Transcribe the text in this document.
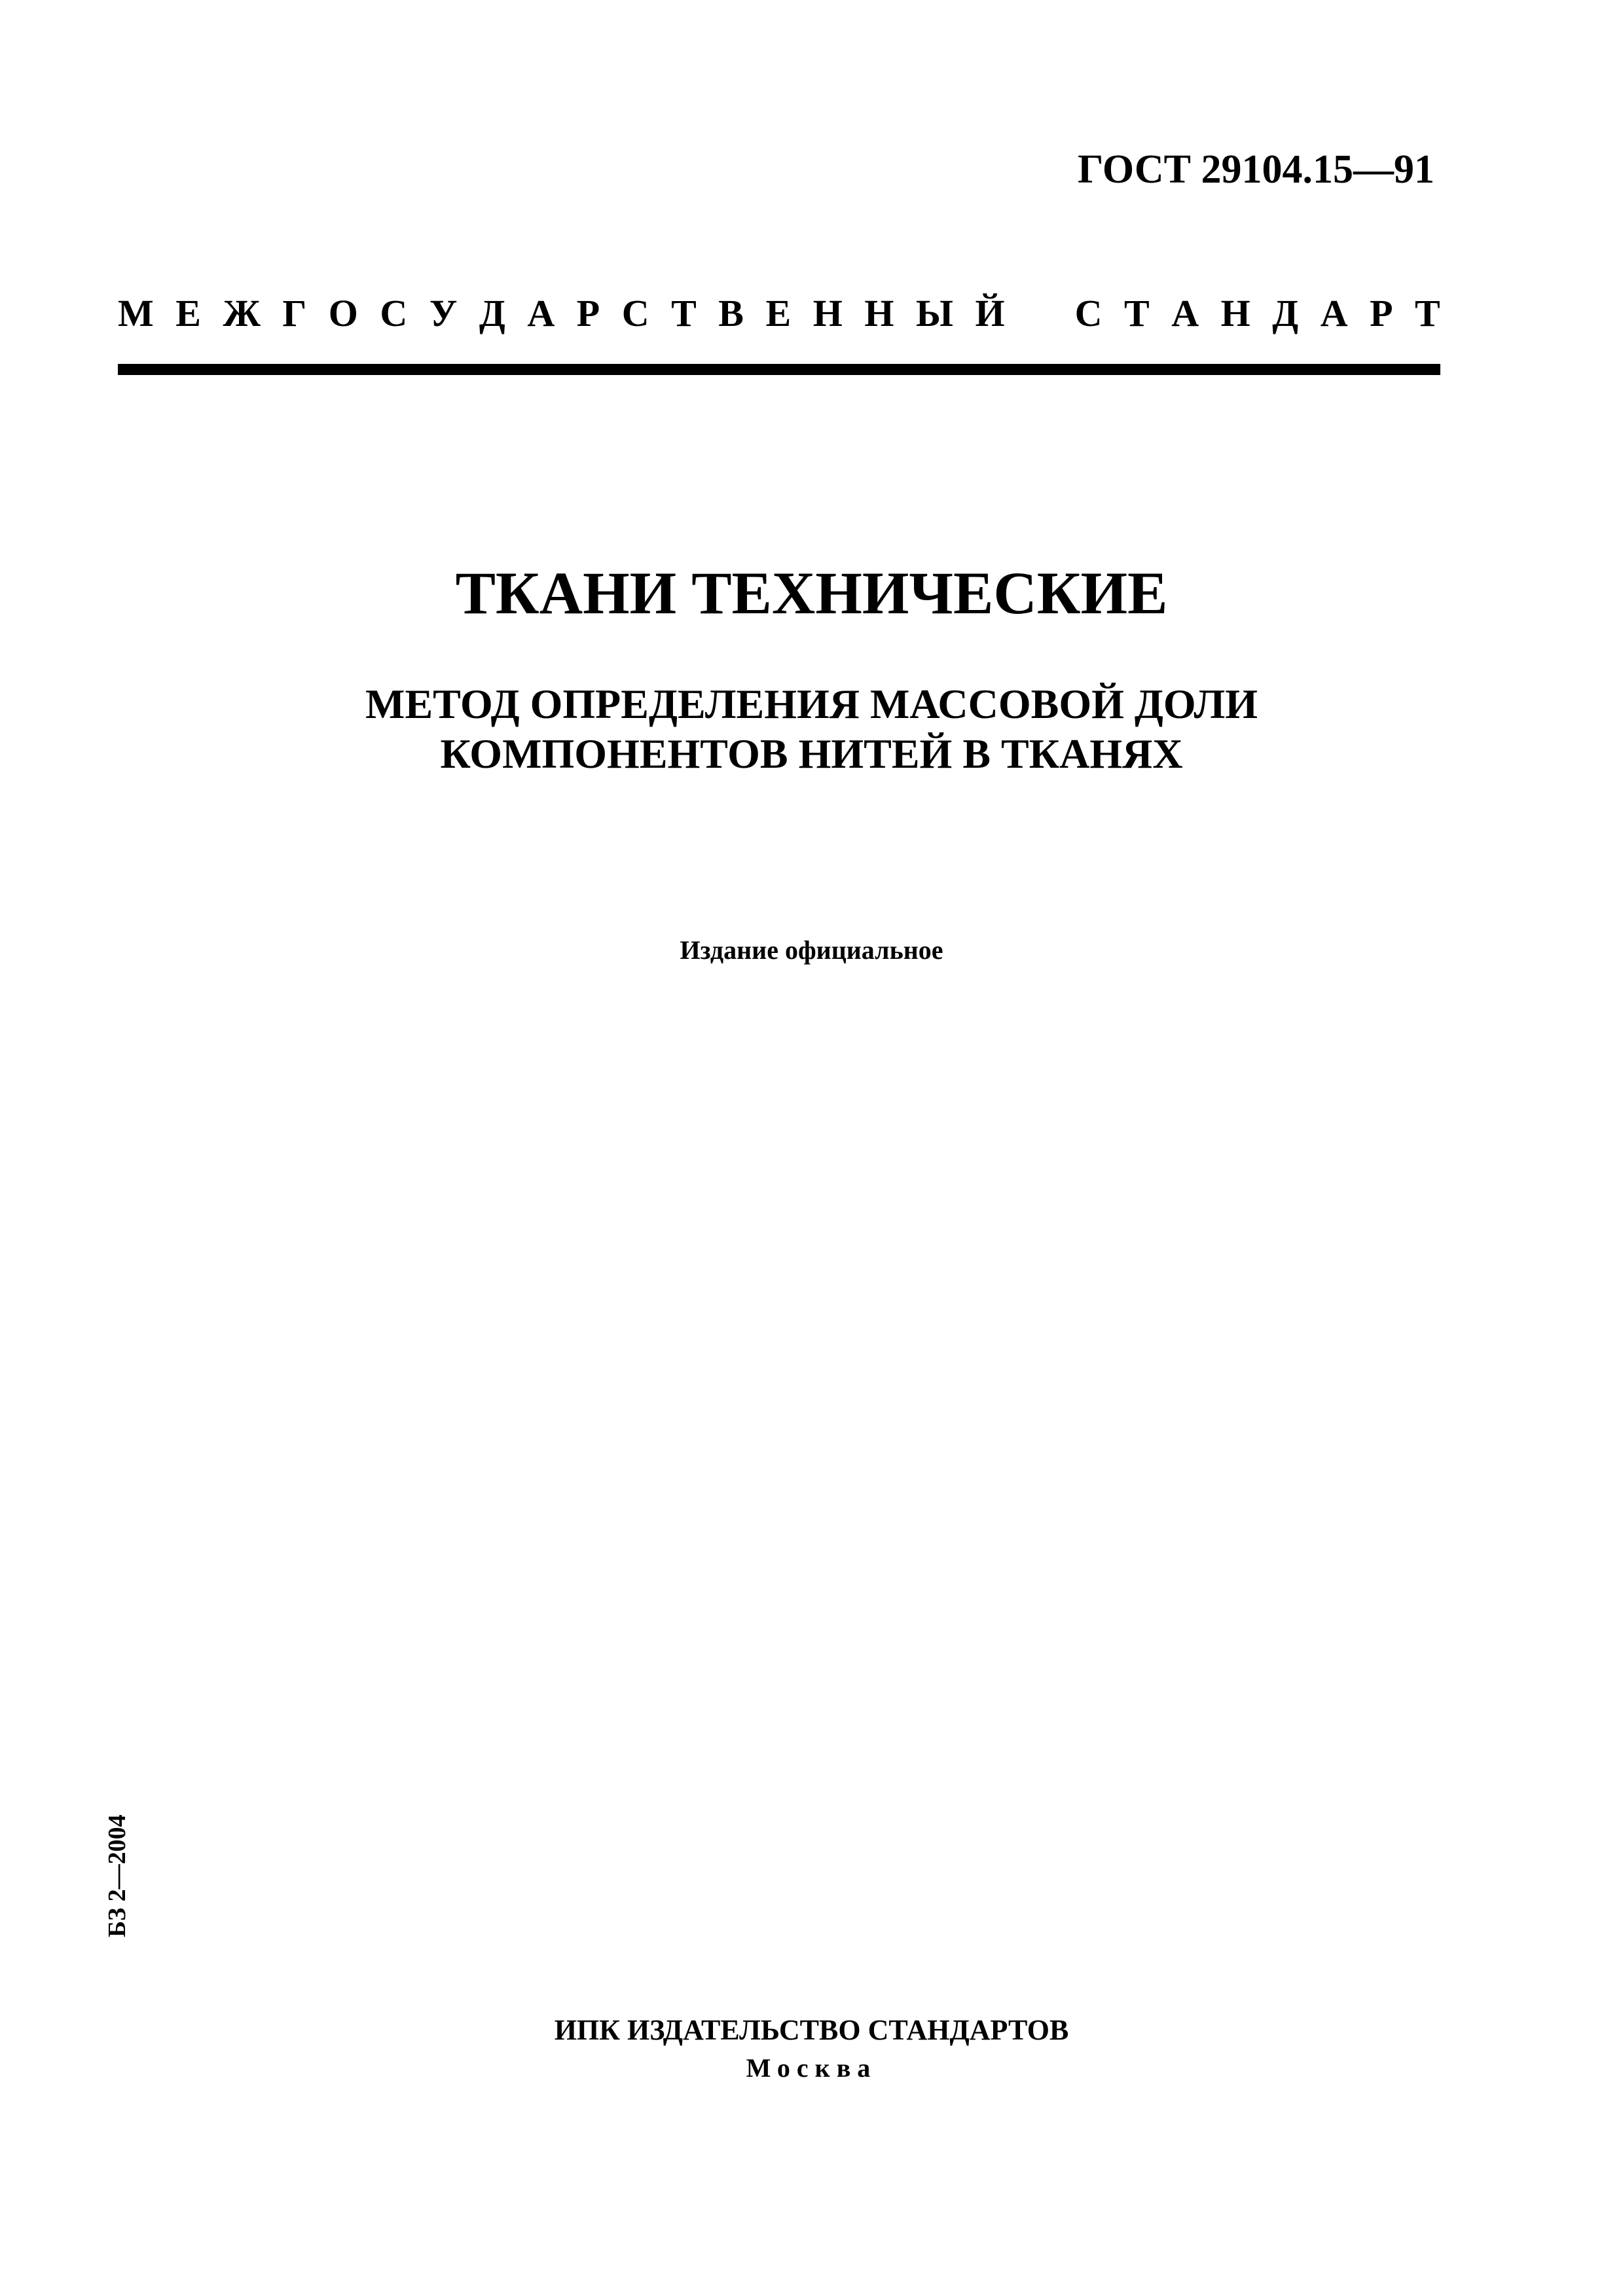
ГОСТ 29104.15—91
М Е Ж Г О С У Д А Р С Т В Е Н Н Ы Й С Т А Н Д А Р Т
ТКАНИ ТЕХНИЧЕСКИЕ
МЕТОД ОПРЕДЕЛЕНИЯ МАССОВОЙ ДОЛИ
КОМПОНЕНТОВ НИТЕЙ В ТКАНЯХ
Издание официальное
БЗ 2—2004
ИПК ИЗДАТЕЛЬСТВО СТАНДАРТОВ
Москва
